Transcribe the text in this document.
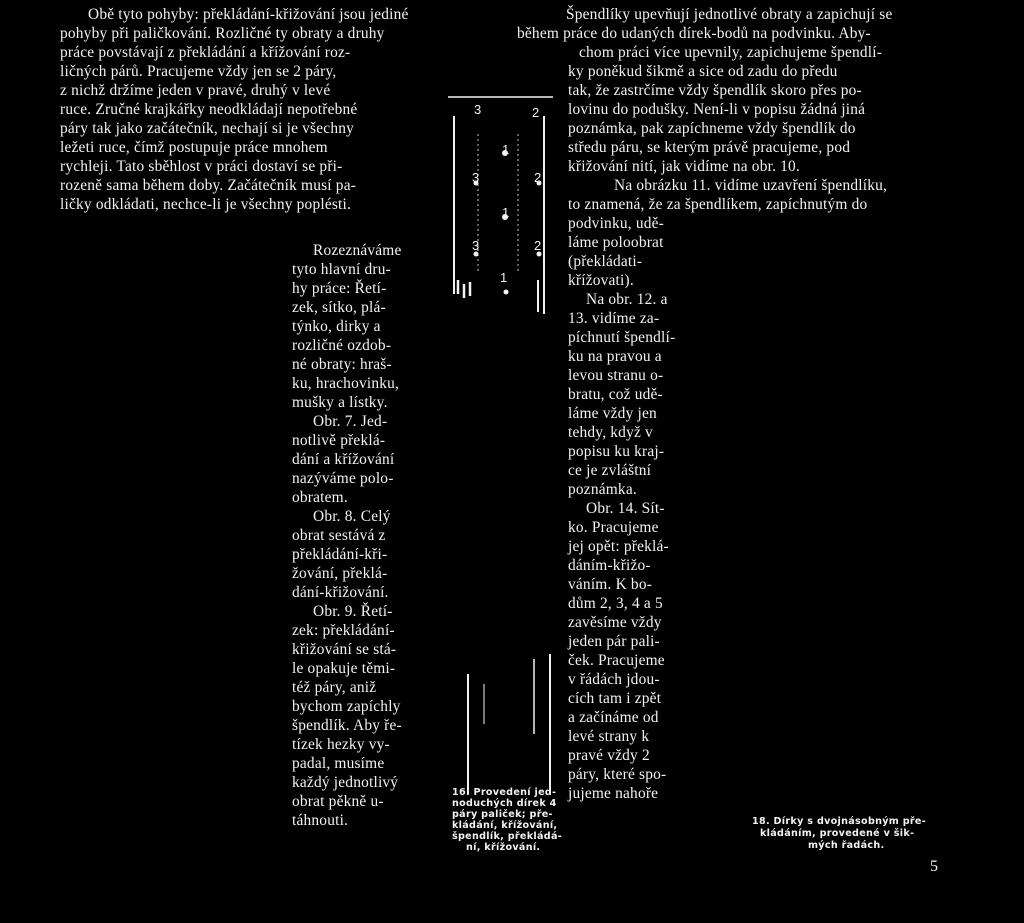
Obě tyto pohyby: překládání-křižování jsou jediné
pohyby při paličkování. Rozličné ty obraty a druhy
práce povstávají z překládání a křížování roz-
ličných párů. Pracujeme vždy jen se 2 páry,
z nichž držíme jeden v pravé, druhý v levé
ruce. Zručné krajkářky neodkládají nepotřebné
páry tak jako začátečník, nechají si je všechny
ležeti ruce, čímž postupuje práce mnohem
rychleji. Tato sběhlost v práci dostaví se při-
rozeně sama během doby. Začátečník musí pa-
ličky odkládati, nechce-li je všechny poplésti.
Rozeznáváme
tyto hlavní dru-
hy práce: Řetí-
zek, sítko, plá-
týnko, dirky a
rozličné ozdob-
né obraty: hraš-
ku, hrachovinku,
mušky a lístky.
Obr. 7. Jed-
notlivě překlá-
dání a křížování
nazýváme polo-
obratem.
Obr. 8. Celý
obrat sestává z
překládání-kři-
žování, překlá-
dání-křižování.
Obr. 9. Řetí-
zek: překládání-
křižování se stá-
le opakuje těmi-
též páry, aniž
bychom zapíchly
špendlík. Aby ře-
tízek hezky vy-
padal, musíme
každý jednotlivý
obrat pěkně u-
táhnouti.
3	2
1
3	2
1
3	2
1
16. Provedení jed-
noduchých dírek 4
páry paliček; pře-
kládání, křížování,
špendlík, překládá-
ní, křížování.
Špendlíky upevňují jednotlivé obraty a zapichují se
během práce do udaných dírek-bodů na podvinku. Aby-
chom práci více upevnily, zapichujeme špendlí-
ky poněkud šikmě a sice od zadu do předu
tak, že zastrčíme vždy špendlík skoro přes po-
lovinu do podušky. Není-li v popisu žádná jiná
poznámka, pak zapíchneme vždy špendlík do
středu páru, se kterým právě pracujeme, pod
křižování nití, jak vidíme na obr. 10.
Na obrázku 11. vidíme uzavření špendlíku,
to znamená, že za špendlíkem, zapíchnutým do
podvinku, udě-
láme poloobrat
(překládati-
křížovati).
Na obr. 12. a
13. vidíme za-
píchnutí špendlí-
ku na pravou a
levou stranu o-
bratu, což udě-
láme vždy jen
tehdy, když v
popisu ku kraj-
ce je zvláštní
poznámka.
Obr. 14. Sít-
ko. Pracujeme
jej opět: překlá-
dáním-křižo-
váním. K bo-
dům 2, 3, 4 a 5
zavěsíme vždy
jeden pár pali-
ček. Pracujeme
v řádách jdou-
cích tam i zpět
a začínáme od
levé strany k
pravé vždy 2
páry, které spo-
jujeme nahoře
18. Dírky s dvojnásobným pře-
kládáním, provedené v šik-
mých řadách.
5
